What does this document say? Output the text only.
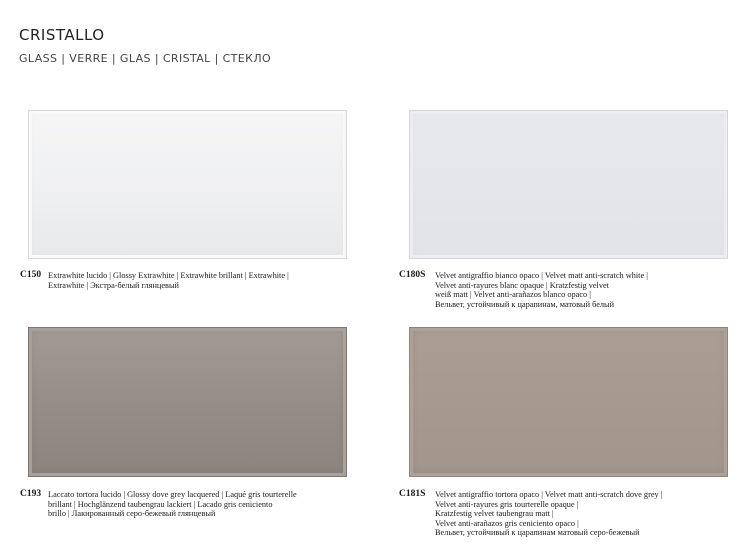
CRISTALLO
GLASS | VERRE | GLAS | CRISTAL | СТЕКЛО
C150 Extrawhite lucido | Glossy Extrawhite | Extrawhite brillant | Extrawhite |
Extrawhite | Экстра-белый глянцевый
C180S Velvet antigraffio bianco opaco | Velvet matt anti-scratch white |
Velvet anti-rayures blanc opaque | Kratzfestig velvet
weiß matt | Velvet anti-arañazos blanco opaco |
Вельвет, устойчивый к царапинам, матовый белый
C193 Laccato tortora lucido | Glossy dove grey lacquered | Laqué gris tourterelle
brillant | Hochglänzend taubengrau lackiert | Lacado gris ceniciento
brillo | Лакированный серо-бежевый глянцевый
C181S Velvet antigraffio tortora opaco | Velvet matt anti-scratch dove grey |
Velvet anti-rayures gris tourterelle opaque |
Kratzfestig velvet taubengrau matt |
Velvet anti-arañazos gris ceniciento opaco |
Вельвет, устойчивый к царапинам матовый серо-бежевый
